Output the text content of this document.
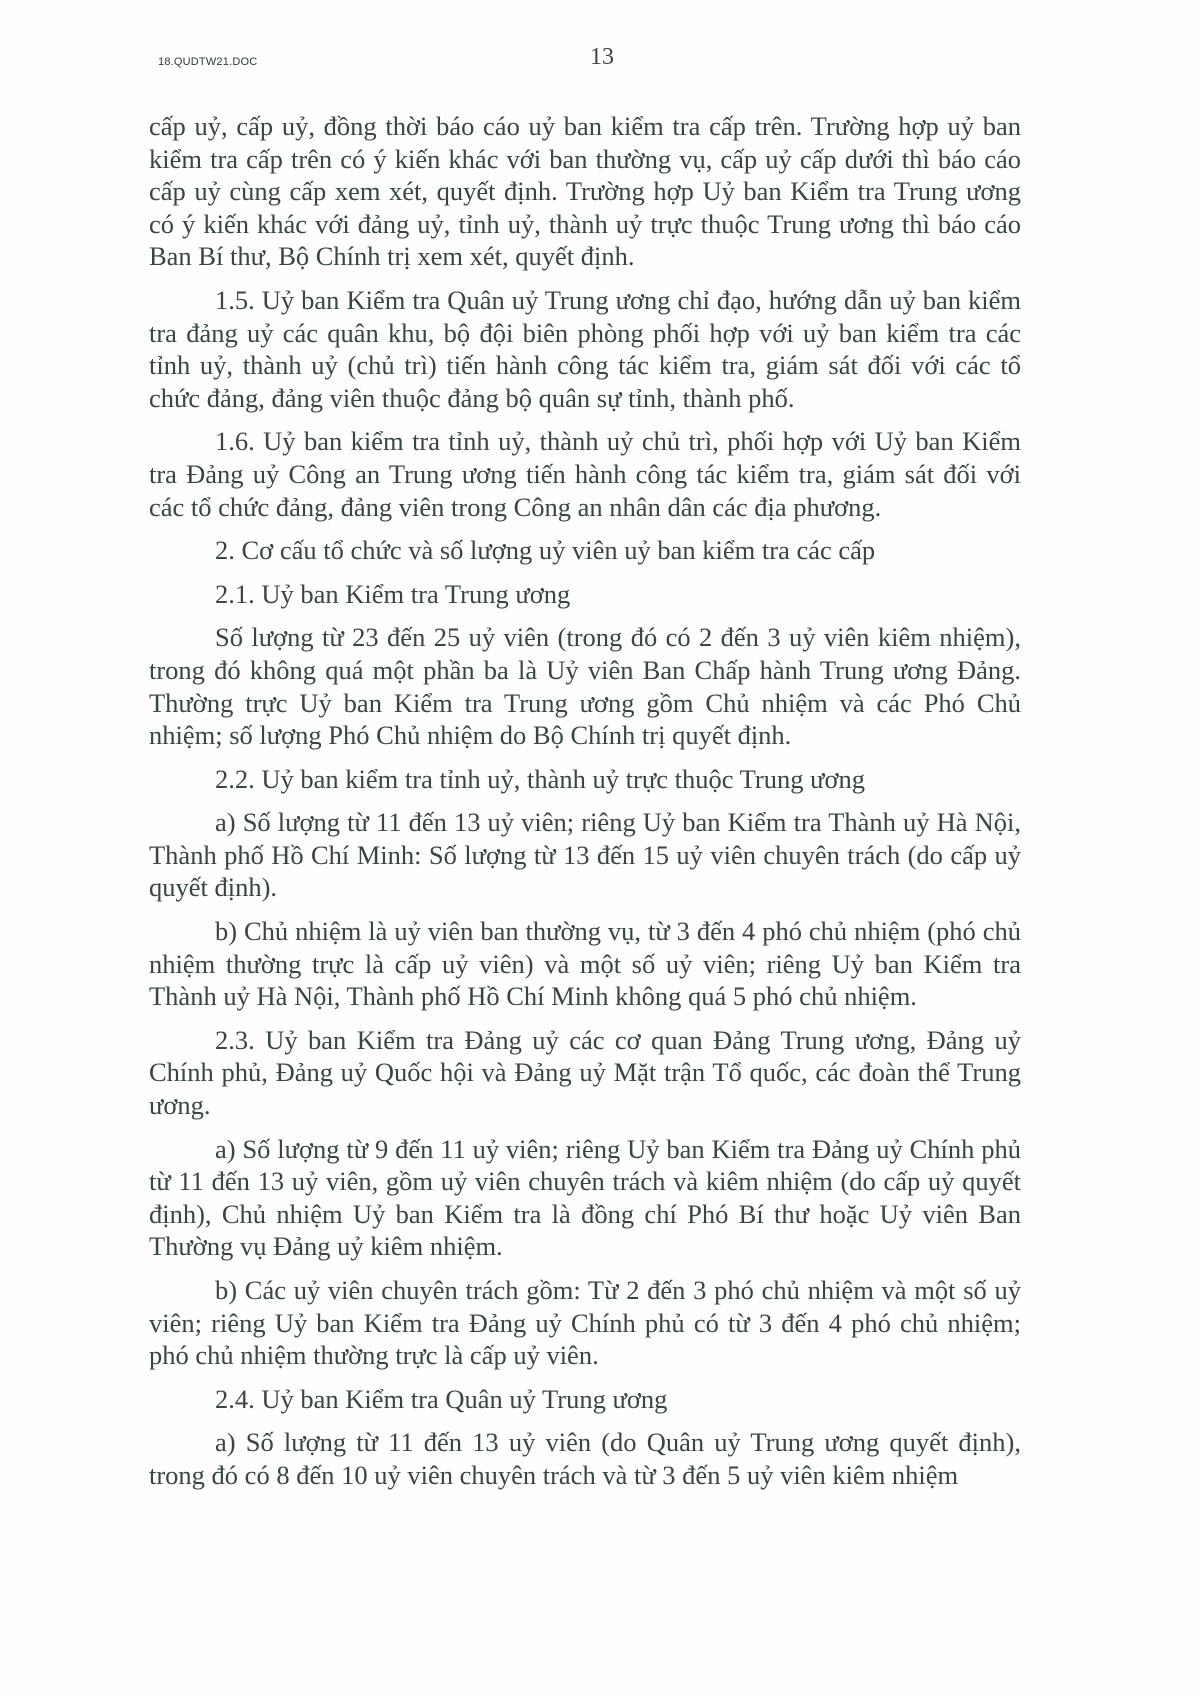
18.QUDTW21.DOC	13

cấp uỷ, cấp uỷ, đồng thời báo cáo uỷ ban kiểm tra cấp trên. Trường hợp uỷ ban kiểm tra cấp trên có ý kiến khác với ban thường vụ, cấp uỷ cấp dưới thì báo cáo cấp uỷ cùng cấp xem xét, quyết định. Trường hợp Uỷ ban Kiểm tra Trung ương có ý kiến khác với đảng uỷ, tỉnh uỷ, thành uỷ trực thuộc Trung ương thì báo cáo Ban Bí thư, Bộ Chính trị xem xét, quyết định.

1.5. Uỷ ban Kiểm tra Quân uỷ Trung ương chỉ đạo, hướng dẫn uỷ ban kiểm tra đảng uỷ các quân khu, bộ đội biên phòng phối hợp với uỷ ban kiểm tra các tỉnh uỷ, thành uỷ (chủ trì) tiến hành công tác kiểm tra, giám sát đối với các tổ chức đảng, đảng viên thuộc đảng bộ quân sự tỉnh, thành phố.

1.6. Uỷ ban kiểm tra tỉnh uỷ, thành uỷ chủ trì, phối hợp với Uỷ ban Kiểm tra Đảng uỷ Công an Trung ương tiến hành công tác kiểm tra, giám sát đối với các tổ chức đảng, đảng viên trong Công an nhân dân các địa phương.

2. Cơ cấu tổ chức và số lượng uỷ viên uỷ ban kiểm tra các cấp

2.1. Uỷ ban Kiểm tra Trung ương

Số lượng từ 23 đến 25 uỷ viên (trong đó có 2 đến 3 uỷ viên kiêm nhiệm), trong đó không quá một phần ba là Uỷ viên Ban Chấp hành Trung ương Đảng. Thường trực Uỷ ban Kiểm tra Trung ương gồm Chủ nhiệm và các Phó Chủ nhiệm; số lượng Phó Chủ nhiệm do Bộ Chính trị quyết định.

2.2. Uỷ ban kiểm tra tỉnh uỷ, thành uỷ trực thuộc Trung ương

a) Số lượng từ 11 đến 13 uỷ viên; riêng Uỷ ban Kiểm tra Thành uỷ Hà Nội, Thành phố Hồ Chí Minh: Số lượng từ 13 đến 15 uỷ viên chuyên trách (do cấp uỷ quyết định).

b) Chủ nhiệm là uỷ viên ban thường vụ, từ 3 đến 4 phó chủ nhiệm (phó chủ nhiệm thường trực là cấp uỷ viên) và một số uỷ viên; riêng Uỷ ban Kiểm tra Thành uỷ Hà Nội, Thành phố Hồ Chí Minh không quá 5 phó chủ nhiệm.

2.3. Uỷ ban Kiểm tra Đảng uỷ các cơ quan Đảng Trung ương, Đảng uỷ Chính phủ, Đảng uỷ Quốc hội và Đảng uỷ Mặt trận Tổ quốc, các đoàn thể Trung ương.

a) Số lượng từ 9 đến 11 uỷ viên; riêng Uỷ ban Kiểm tra Đảng uỷ Chính phủ từ 11 đến 13 uỷ viên, gồm uỷ viên chuyên trách và kiêm nhiệm (do cấp uỷ quyết định), Chủ nhiệm Uỷ ban Kiểm tra là đồng chí Phó Bí thư hoặc Uỷ viên Ban Thường vụ Đảng uỷ kiêm nhiệm.

b) Các uỷ viên chuyên trách gồm: Từ 2 đến 3 phó chủ nhiệm và một số uỷ viên; riêng Uỷ ban Kiểm tra Đảng uỷ Chính phủ có từ 3 đến 4 phó chủ nhiệm; phó chủ nhiệm thường trực là cấp uỷ viên.

2.4. Uỷ ban Kiểm tra Quân uỷ Trung ương

a) Số lượng từ 11 đến 13 uỷ viên (do Quân uỷ Trung ương quyết định), trong đó có 8 đến 10 uỷ viên chuyên trách và từ 3 đến 5 uỷ viên kiêm nhiệm
